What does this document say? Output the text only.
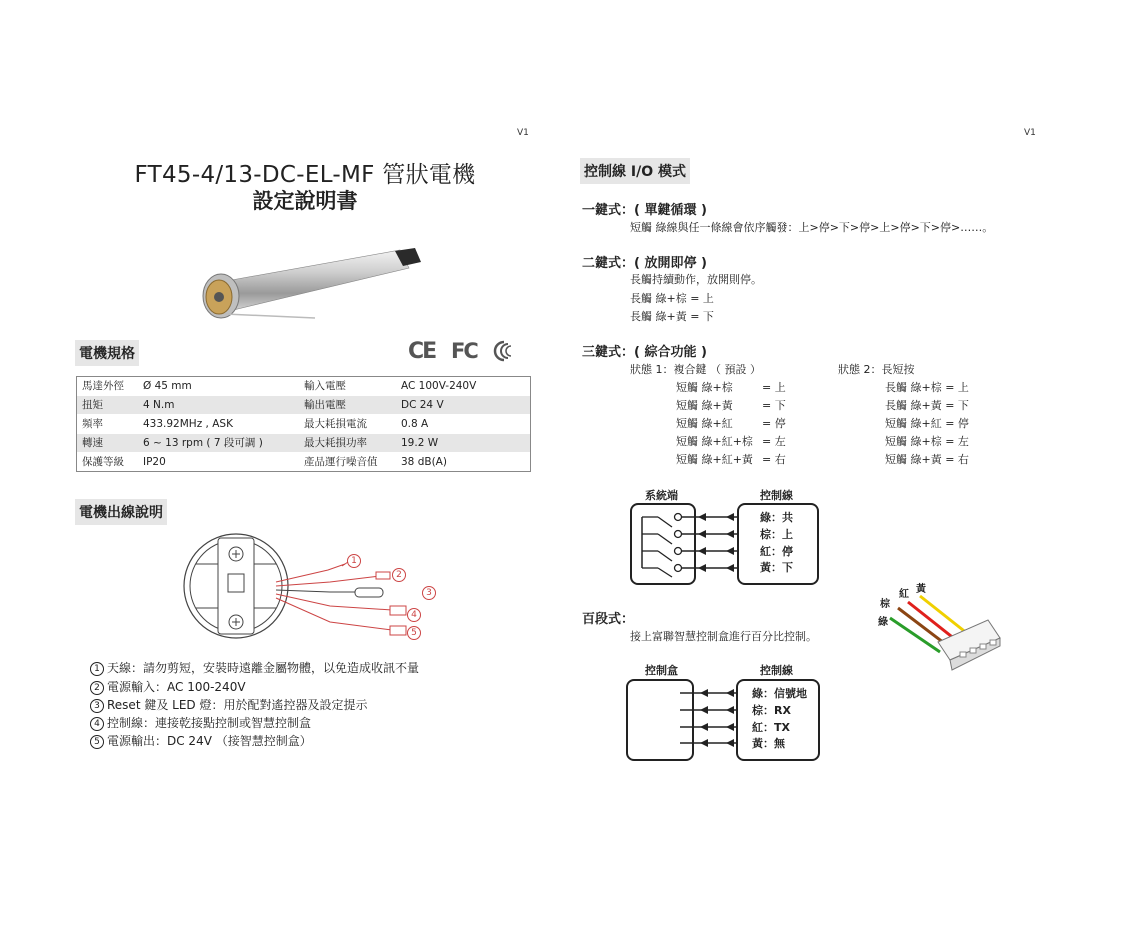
V1
FT45-4/13-DC-EL-MF 管狀電機
設定說明書
電機規格	CE FC
馬達外徑 Ø 45 mm	輸入電壓	AC 100V-240V
扭矩	4 N.m	輸出電壓	DC 24 V
頻率	433.92MHz , ASK	最大耗損電流	0.8 A
轉速	6 ~ 13 rpm ( 7 段可調 )	最大耗損功率	19.2 W
保護等級 IP20	產品運行噪音值 38 dB(A)
電機出線說明
1
2
3
4
5
1 天線：請勿剪短，安裝時遠離金屬物體，以免造成收訊不量
2 電源輸入：AC 100-240V
3 Reset 鍵及 LED 燈：用於配對遙控器及設定提示
4 控制線：連接乾接點控制或智慧控制盒
5 電源輸出：DC 24V （接智慧控制盒）
V1
控制線 I/O 模式
一鍵式：( 單鍵循環 )
短觸 綠線與任一條線會依序觸發：上>停>下>停>上>停>下>停>……。
二鍵式：( 放開即停 )
長觸持續動作，放開則停。
長觸 綠+棕 = 上
長觸 綠+黃 = 下
三鍵式：( 綜合功能 )
狀態 1：複合鍵 （ 預設 ）	狀態 2：長短按
短觸 綠+棕	= 上
短觸 綠+黃	= 下
短觸 綠+紅	= 停
短觸 綠+紅+棕 = 左
短觸 綠+紅+黃 = 右
長觸 綠+棕 = 上
長觸 綠+黃 = 下
短觸 綠+紅 = 停
短觸 綠+棕 = 左
短觸 綠+黃 = 右
系統端	控制線
綠：共
棕：上
紅：停
黃：下
棕
紅 黃
綠
百段式：
接上富聯智慧控制盒進行百分比控制。
控制盒	控制線
綠：信號地
棕：RX
紅：TX
黃：無
